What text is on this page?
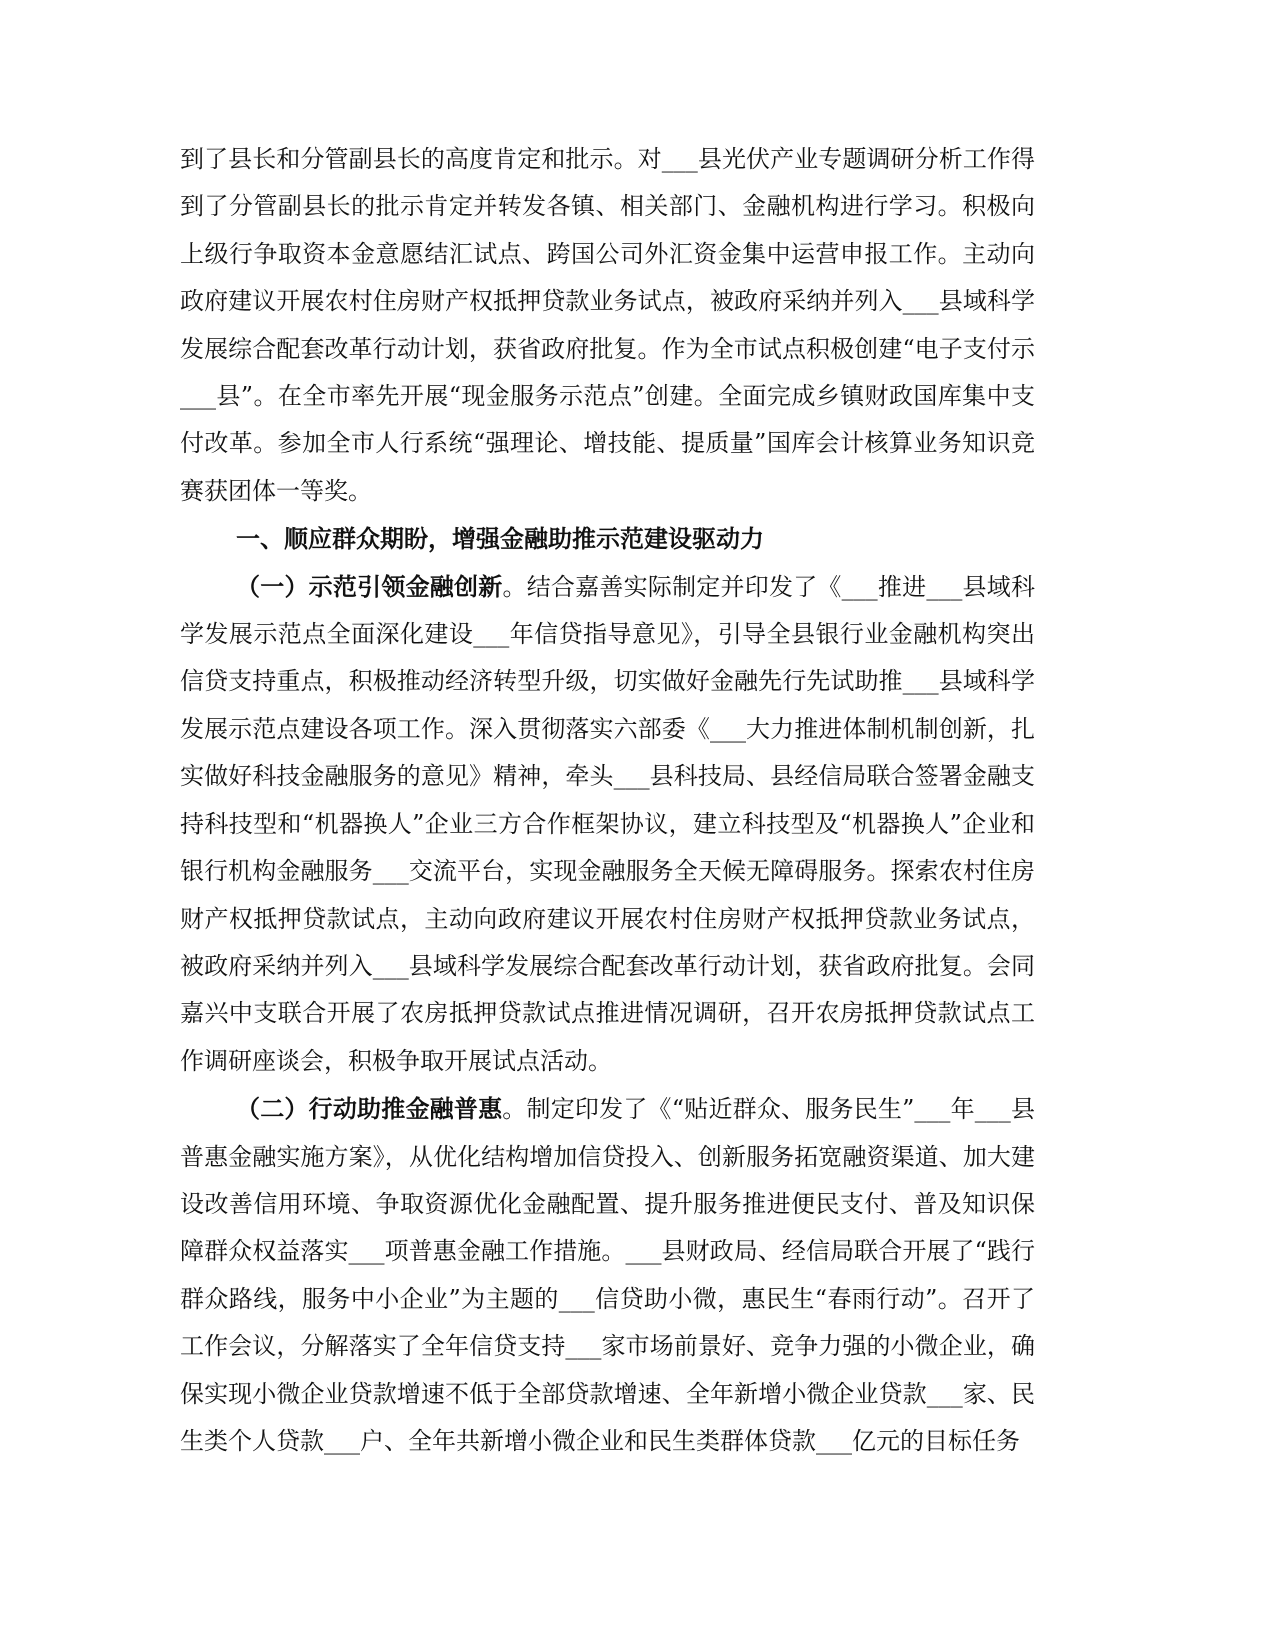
到了县长和分管副县长的高度肯定和批示。对___县光伏产业专题调研分析工作得到了分管副县长的批示肯定并转发各镇、相关部门、金融机构进行学习。积极向上级行争取资本金意愿结汇试点、跨国公司外汇资金集中运营申报工作。主动向政府建议开展农村住房财产权抵押贷款业务试点，被政府采纳并列入___县域科学发展综合配套改革行动计划，获省政府批复。作为全市试点积极创建“电子支付示___县”。在全市率先开展“现金服务示范点”创建。全面完成乡镇财政国库集中支付改革。参加全市人行系统“强理论、增技能、提质量”国库会计核算业务知识竞赛获团体一等奖。

一、顺应群众期盼，增强金融助推示范建设驱动力

（一）示范引领金融创新。结合嘉善实际制定并印发了《___推进___县域科学发展示范点全面深化建设___年信贷指导意见》，引导全县银行业金融机构突出信贷支持重点，积极推动经济转型升级，切实做好金融先行先试助推___县域科学发展示范点建设各项工作。深入贯彻落实六部委《___大力推进体制机制创新，扎实做好科技金融服务的意见》精神，牵头___县科技局、县经信局联合签署金融支持科技型和“机器换人”企业三方合作框架协议，建立科技型及“机器换人”企业和银行机构金融服务___交流平台，实现金融服务全天候无障碍服务。探索农村住房财产权抵押贷款试点，主动向政府建议开展农村住房财产权抵押贷款业务试点，被政府采纳并列入___县域科学发展综合配套改革行动计划，获省政府批复。会同嘉兴中支联合开展了农房抵押贷款试点推进情况调研，召开农房抵押贷款试点工作调研座谈会，积极争取开展试点活动。

（二）行动助推金融普惠。制定印发了《“贴近群众、服务民生”___年___县普惠金融实施方案》，从优化结构增加信贷投入、创新服务拓宽融资渠道、加大建设改善信用环境、争取资源优化金融配置、提升服务推进便民支付、普及知识保障群众权益落实___项普惠金融工作措施。___县财政局、经信局联合开展了“践行群众路线，服务中小企业”为主题的___信贷助小微，惠民生“春雨行动”。召开了工作会议，分解落实了全年信贷支持___家市场前景好、竞争力强的小微企业，确保实现小微企业贷款增速不低于全部贷款增速、全年新增小微企业贷款___家、民生类个人贷款___户、全年共新增小微企业和民生类群体贷款___亿元的目标任务
